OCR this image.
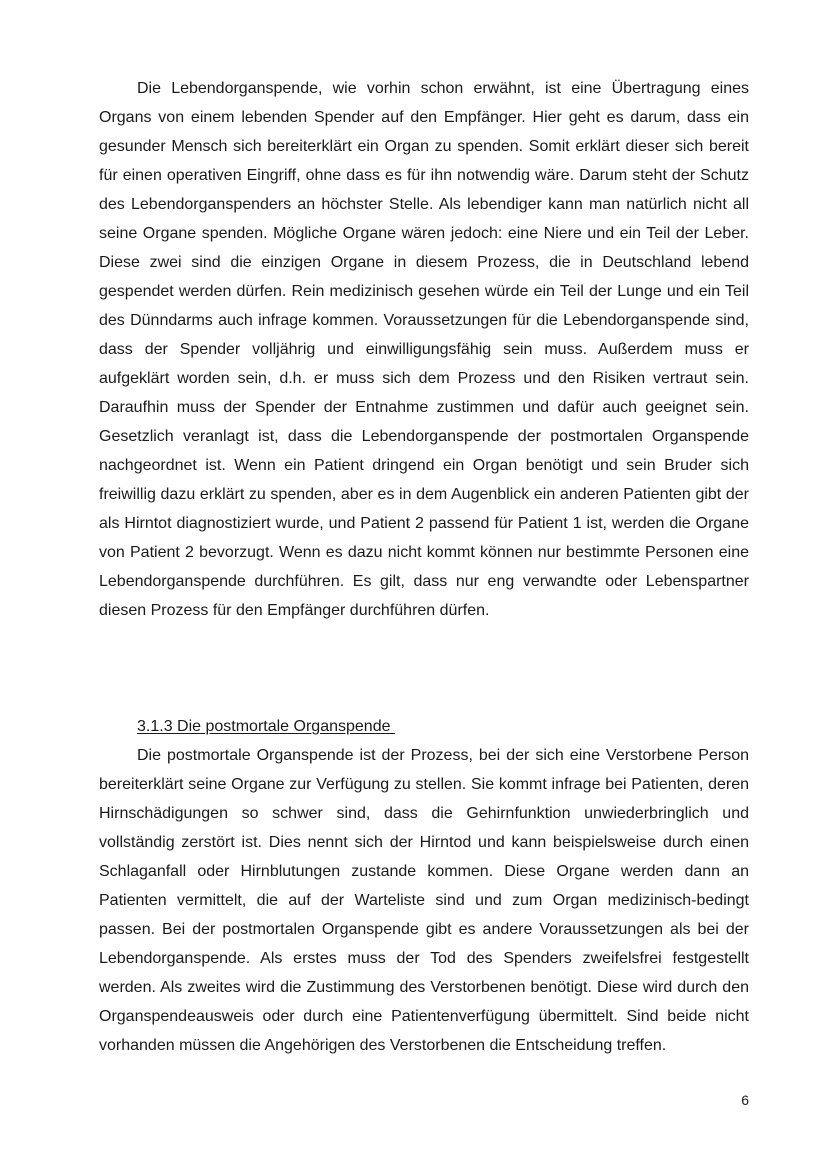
Die Lebendorganspende, wie vorhin schon erwähnt, ist eine Übertragung eines Organs von einem lebenden Spender auf den Empfänger. Hier geht es darum, dass ein gesunder Mensch sich bereiterklärt ein Organ zu spenden. Somit erklärt dieser sich bereit für einen operativen Eingriff, ohne dass es für ihn notwendig wäre. Darum steht der Schutz des Lebendorganspenders an höchster Stelle. Als lebendiger kann man natürlich nicht all seine Organe spenden. Mögliche Organe wären jedoch: eine Niere und ein Teil der Leber. Diese zwei sind die einzigen Organe in diesem Prozess, die in Deutschland lebend gespendet werden dürfen. Rein medizinisch gesehen würde ein Teil der Lunge und ein Teil des Dünndarms auch infrage kommen. Voraussetzungen für die Lebendorganspende sind, dass der Spender volljährig und einwilligungsfähig sein muss. Außerdem muss er aufgeklärt worden sein, d.h. er muss sich dem Prozess und den Risiken vertraut sein. Daraufhin muss der Spender der Entnahme zustimmen und dafür auch geeignet sein. Gesetzlich veranlagt ist, dass die Lebendorganspende der postmortalen Organspende nachgeordnet ist. Wenn ein Patient dringend ein Organ benötigt und sein Bruder sich freiwillig dazu erklärt zu spenden, aber es in dem Augenblick ein anderen Patienten gibt der als Hirntot diagnostiziert wurde, und Patient 2 passend für Patient 1 ist, werden die Organe von Patient 2 bevorzugt. Wenn es dazu nicht kommt können nur bestimmte Personen eine Lebendorganspende durchführen. Es gilt, dass nur eng verwandte oder Lebenspartner diesen Prozess für den Empfänger durchführen dürfen.

3.1.3 Die postmortale Organspende

Die postmortale Organspende ist der Prozess, bei der sich eine Verstorbene Person bereiterklärt seine Organe zur Verfügung zu stellen. Sie kommt infrage bei Patienten, deren Hirnschädigungen so schwer sind, dass die Gehirnfunktion unwiederbringlich und vollständig zerstört ist. Dies nennt sich der Hirntod und kann beispielsweise durch einen Schlaganfall oder Hirnblutungen zustande kommen. Diese Organe werden dann an Patienten vermittelt, die auf der Warteliste sind und zum Organ medizinisch-bedingt passen. Bei der postmortalen Organspende gibt es andere Voraussetzungen als bei der Lebendorganspende. Als erstes muss der Tod des Spenders zweifelsfrei festgestellt werden. Als zweites wird die Zustimmung des Verstorbenen benötigt. Diese wird durch den Organspendeausweis oder durch eine Patientenverfügung übermittelt. Sind beide nicht vorhanden müssen die Angehörigen des Verstorbenen die Entscheidung treffen.

6
